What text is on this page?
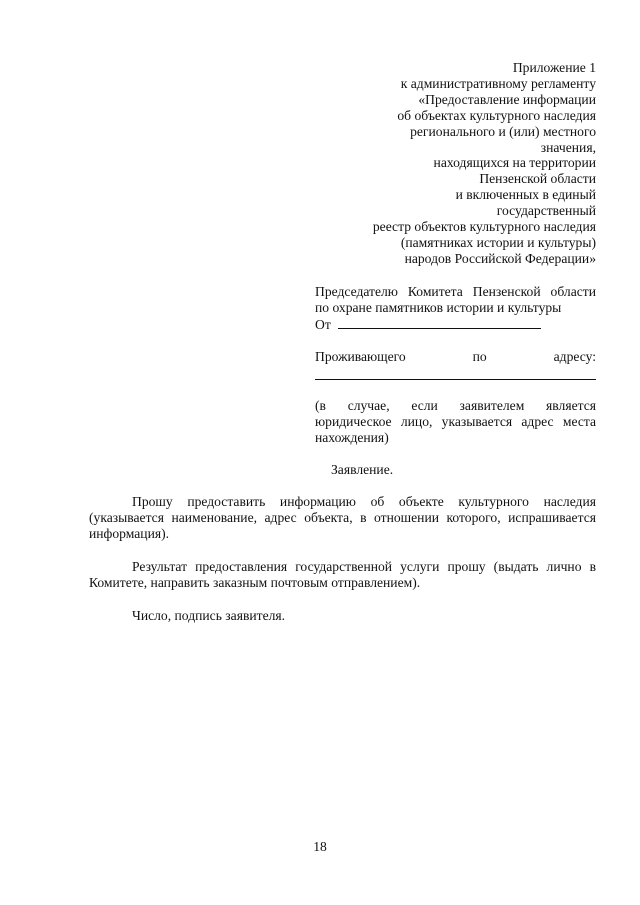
Приложение 1
к административному регламенту
«Предоставление информации
об объектах культурного наследия
регионального и (или) местного
значения,
находящихся на территории
Пензенской области
и включенных в единый
государственный
реестр объектов культурного наследия
(памятниках истории и культуры)
народов Российской Федерации»
Председателю Комитета Пензенской области
по охране памятников истории и культуры
От
Проживающего	по	адресу:
(в случае, если заявителем является юридическое лицо, указывается адрес места нахождения)
Заявление.

Прошу предоставить информацию об объекте культурного наследия (указывается наименование, адрес объекта, в отношении которого, испрашивается информация).

Результат предоставления государственной услуги прошу (выдать лично в Комитете, направить заказным почтовым отправлением).

Число, подпись заявителя.

18
